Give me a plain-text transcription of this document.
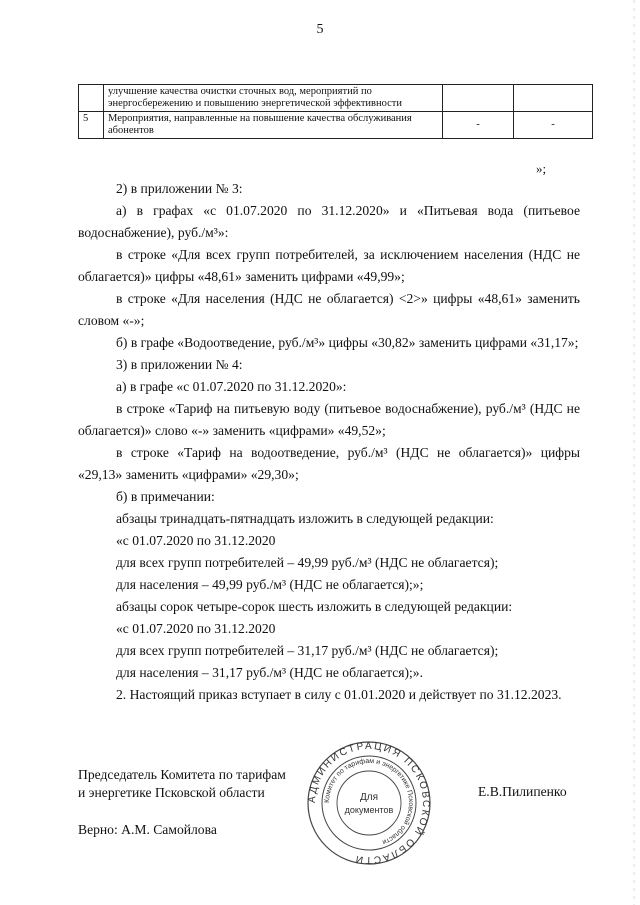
5
	улучшение качества очистки сточных вод, мероприятий по энергосбережению и повышению энергетической эффективности		
5	Мероприятия, направленные на повышение качества обслуживания абонентов	-	-
»;

2) в приложении № 3:

а) в графах «с 01.07.2020 по 31.12.2020» и «Питьевая вода (питьевое водоснабжение), руб./м³»:

в строке «Для всех групп потребителей, за исключением населения (НДС не облагается)» цифры «48,61» заменить цифрами «49,99»;

в строке «Для населения (НДС не облагается) <2>» цифры «48,61» заменить словом «-»;

б) в графе «Водоотведение, руб./м³» цифры «30,82» заменить цифрами «31,17»;

3) в приложении № 4:

а) в графе «с 01.07.2020 по 31.12.2020»:

в строке «Тариф на питьевую воду (питьевое водоснабжение), руб./м³ (НДС не облагается)» слово «-» заменить «цифрами» «49,52»;

в строке «Тариф на водоотведение, руб./м³ (НДС не облагается)» цифры «29,13» заменить «цифрами» «29,30»;

б) в примечании:

абзацы тринадцать-пятнадцать изложить в следующей редакции:

«с 01.07.2020 по 31.12.2020

для всех групп потребителей – 49,99 руб./м³ (НДС не облагается);

для населения – 49,99 руб./м³ (НДС не облагается);»;

абзацы сорок четыре-сорок шесть изложить в следующей редакции:

«с 01.07.2020 по 31.12.2020

для всех групп потребителей – 31,17 руб./м³ (НДС не облагается);

для населения – 31,17 руб./м³ (НДС не облагается);».

2. Настоящий приказ вступает в силу с 01.01.2020 и действует по 31.12.2023.

Председатель Комитета по тарифам
и энергетике Псковской области	АДМИНИСТРАЦИЯ ПСКОВСКОЙ ОБЛАСТИ
Комитет по тарифам и энергетике Псковской области
Для
документов
Е.В.Пилипенко
Верно: А.М. Самойлова
